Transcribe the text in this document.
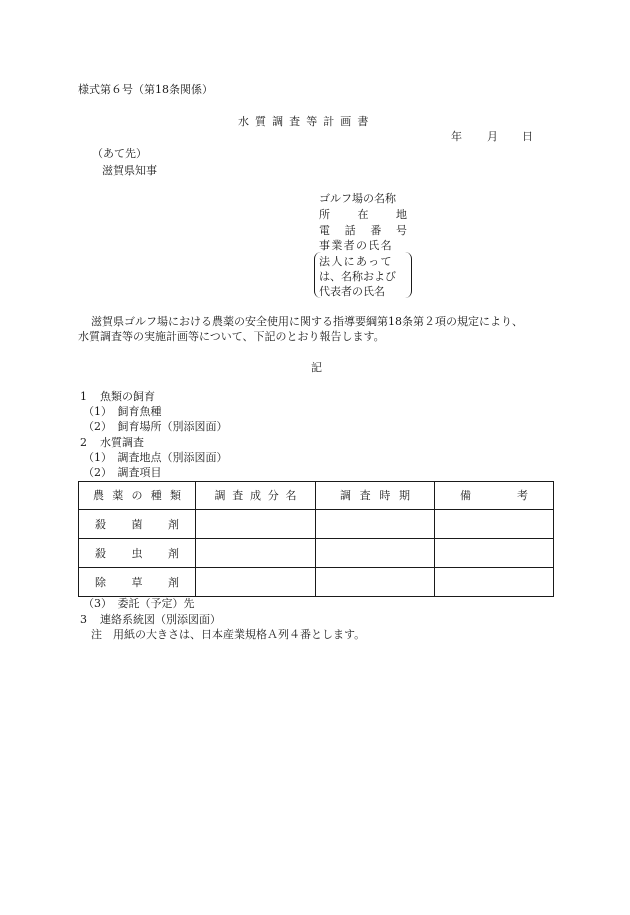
様式第６号（第18条関係）
水質調査等計画書
年 月 日
（あて先）
滋賀県知事
ゴルフ場の名称
所	在	地
電 話 番 号
事業者の氏名
法人にあって
は、名称および
代表者の氏名
滋賀県ゴルフ場における農薬の安全使用に関する指導要綱第18条第２項の規定により、
水質調査等の実施計画等について、下記のとおり報告します。
記
1 魚類の飼育
（1）　飼育魚種
（2）　飼育場所（別添図面）
2 水質調査
（1）　調査地点（別添図面）
（2）　調査項目
農 薬 の 種 類	調 査 成 分 名	調 査 時 期	備 考

殺 菌 剤			

殺 虫 剤			

除 草 剤			

（3）　委託（予定）先
3 連絡系統図（別添図面）
注　用紙の大きさは、日本産業規格Ａ列４番とします。
